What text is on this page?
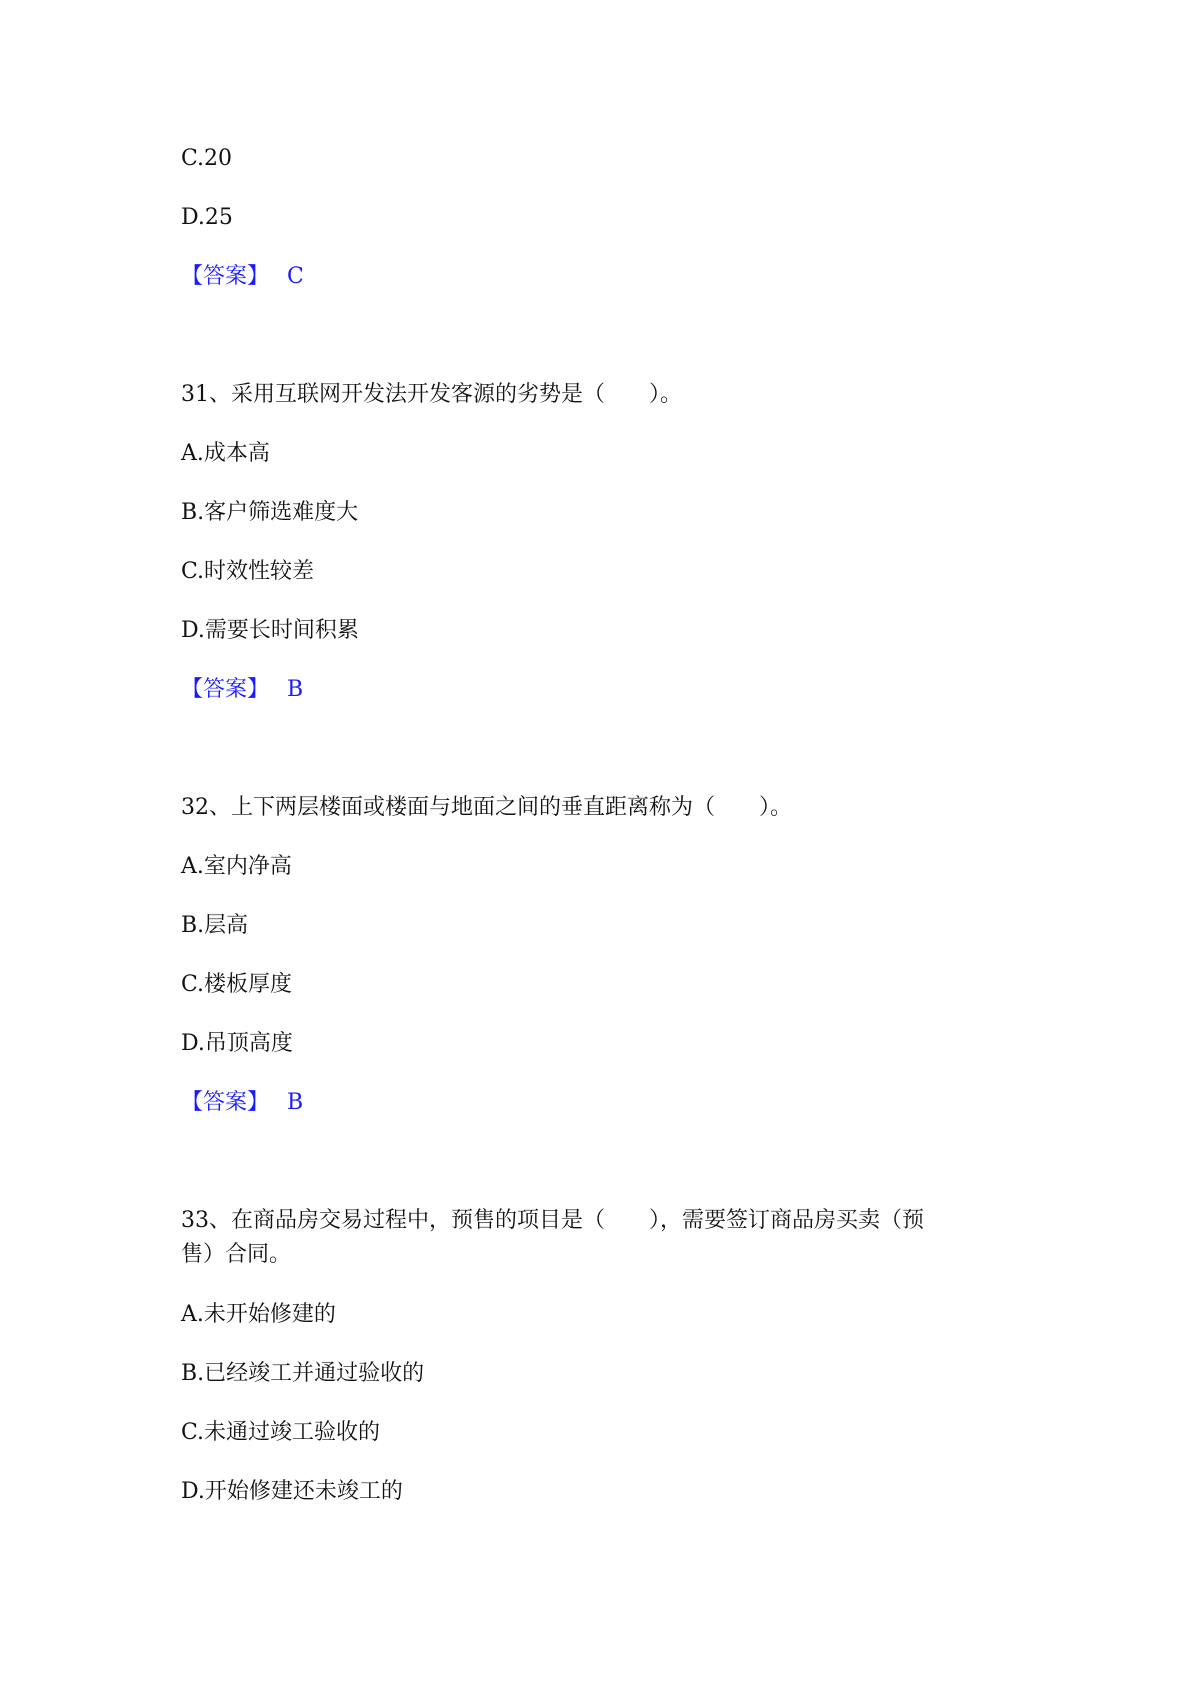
C.20
D.25
【答案】 C
31、采用互联网开发法开发客源的劣势是（　　）。
A.成本高
B.客户筛选难度大
C.时效性较差
D.需要长时间积累
【答案】 B
32、上下两层楼面或楼面与地面之间的垂直距离称为（　　）。
A.室内净高
B.层高
C.楼板厚度
D.吊顶高度
【答案】 B
33、在商品房交易过程中，预售的项目是（　　），需要签订商品房买卖（预
售）合同。
A.未开始修建的
B.已经竣工并通过验收的
C.未通过竣工验收的
D.开始修建还未竣工的
